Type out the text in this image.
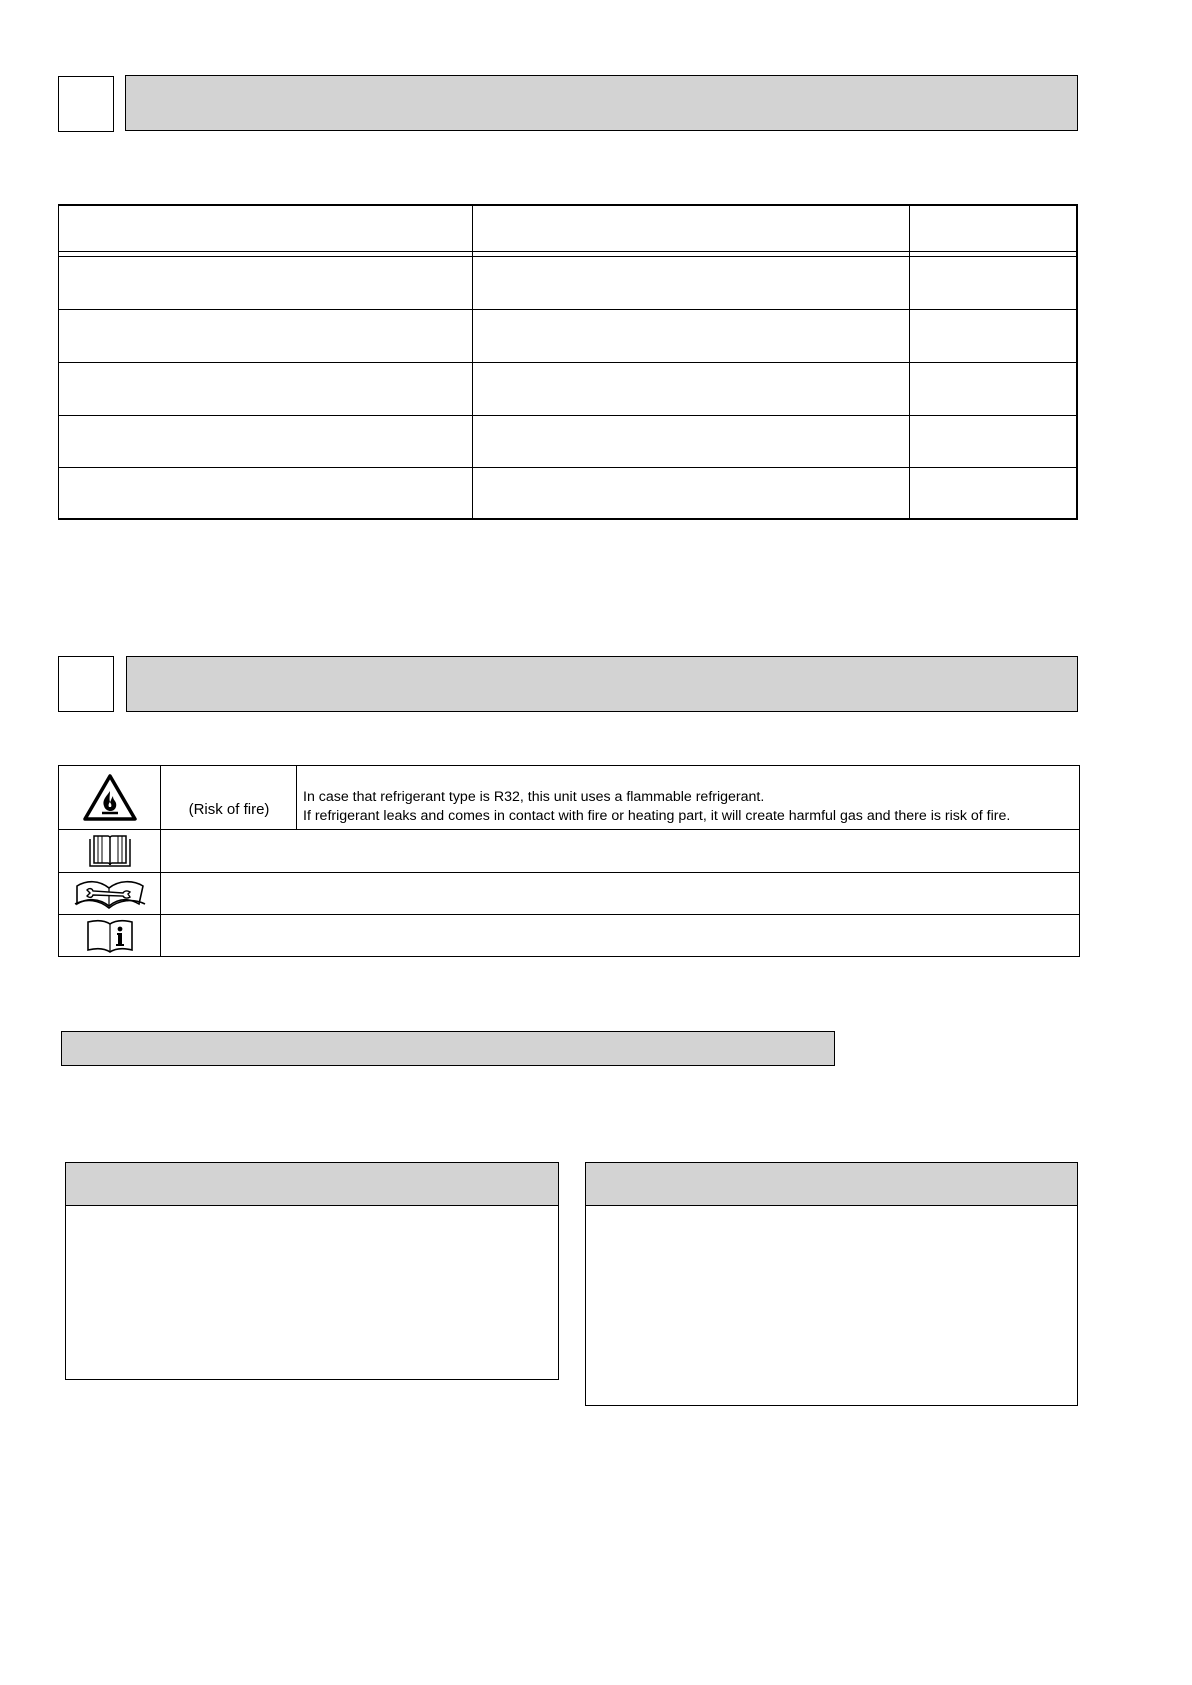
(Risk of fire)
In case that refrigerant type is R32, this unit uses a flammable refrigerant.
If refrigerant leaks and comes in contact with fire or heating part, it will create harmful gas and there is risk of fire.
